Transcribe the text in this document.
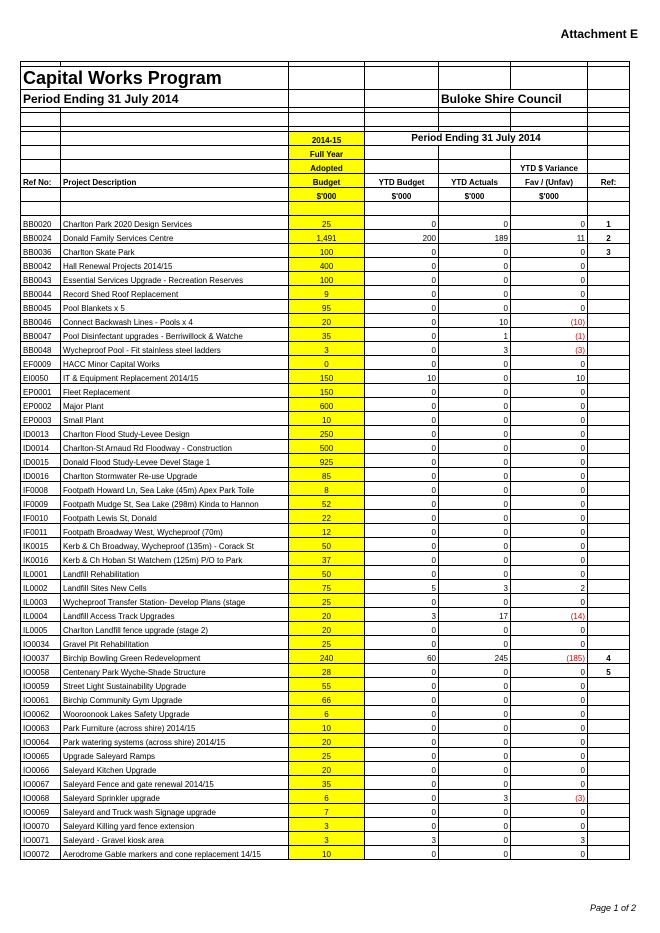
Attachment E

Capital Works Program						
Period Ending 31 July 2014				Buloke Shire Council		

		2014-15	Period Ending 31 July 2014			
		Full Year				
		Adopted			YTD $ Variance	
Ref No:	Project Description	Budget	YTD Budget	YTD Actuals	Fav / (Unfav)	Ref:
		$'000	$'000	$'000	$'000	

BB0020	Charlton Park 2020 Design Services	25	0	0	0	1
BB0024	Donald Family Services Centre	1,491	200	189	11	2
BB0036	Charlton Skate Park	100	0	0	0	3
BB0042	Hall Renewal Projects 2014/15	400	0	0	0	
BB0043	Essential Services Upgrade - Recreation Reserves	100	0	0	0	
BB0044	Record Shed Roof Replacement	9	0	0	0	
BB0045	Pool Blankets x 5	95	0	0	0	
BB0046	Connect Backwash Lines - Pools x 4	20	0	10	(10)	
BB0047	Pool Disinfectant upgrades - Berriwillock & Watche	35	0	1	(1)	
BB0048	Wycheproof Pool - Fit stainless steel ladders	3	0	3	(3)	
EF0009	HACC Minor Capital Works	0	0	0	0	
EI0050	IT & Equipment Replacement 2014/15	150	10	0	10	
EP0001	Fleet Replacement	150	0	0	0	
EP0002	Major Plant	600	0	0	0	
EP0003	Small Plant	10	0	0	0	
ID0013	Charlton Flood Study-Levee Design	250	0	0	0	
ID0014	Charlton-St Arnaud Rd Floodway - Construction	500	0	0	0	
ID0015	Donald Flood Study-Levee Devel Stage 1	925	0	0	0	
ID0016	Charlton Stormwater Re-use Upgrade	85	0	0	0	
IF0008	Footpath Howard Ln, Sea Lake (45m) Apex Park Toile	8	0	0	0	
IF0009	Footpath Mudge St, Sea Lake (298m) Kinda to Hannon	52	0	0	0	
IF0010	Footpath Lewis St, Donald	22	0	0	0	
IF0011	Footpath Broadway West, Wycheproof (70m)	12	0	0	0	
IK0015	Kerb & Ch Broadway, Wycheproof (135m) - Corack St	50	0	0	0	
IK0016	Kerb & Ch Hoban St Watchem (125m) P/O to Park	37	0	0	0	
IL0001	Landfill Rehabilitation	50	0	0	0	
IL0002	Landfill Sites New Cells	75	5	3	2	
IL0003	Wycheproof Transfer Station- Develop Plans (stage	25	0	0	0	
IL0004	Landfill Access Track Upgrades	20	3	17	(14)	
IL0005	Charlton Landfill fence upgrade (stage 2)	20	0	0	0	
IO0034	Gravel Pit Rehabilitation	25	0	0	0	
IO0037	Birchip Bowling Green Redevelopment	240	60	245	(185)	4
IO0058	Centenary Park Wyche-Shade Structure	28	0	0	0	5
IO0059	Street Light Sustainability Upgrade	55	0	0	0	
IO0061	Birchip Community Gym Upgrade	66	0	0	0	
IO0062	Wooroonook Lakes Safety Upgrade	6	0	0	0	
IO0063	Park Furniture (across shire) 2014/15	10	0	0	0	
IO0064	Park watering systems (across shire) 2014/15	20	0	0	0	
IO0065	Upgrade Saleyard Ramps	25	0	0	0	
IO0066	Saleyard Kitchen Upgrade	20	0	0	0	
IO0067	Saleyard Fence and gate renewal 2014/15	35	0	0	0	
IO0068	Saleyard Sprinkler upgrade	6	0	3	(3)	
IO0069	Saleyard and Truck wash Signage upgrade	7	0	0	0	
IO0070	Saleyard Killing yard fence extension	3	0	0	0	
IO0071	Saleyard - Gravel kiosk area	3	3	0	3	
IO0072	Aerodrome Gable markers and cone replacement 14/15	10	0	0	0	
Page 1 of 2
